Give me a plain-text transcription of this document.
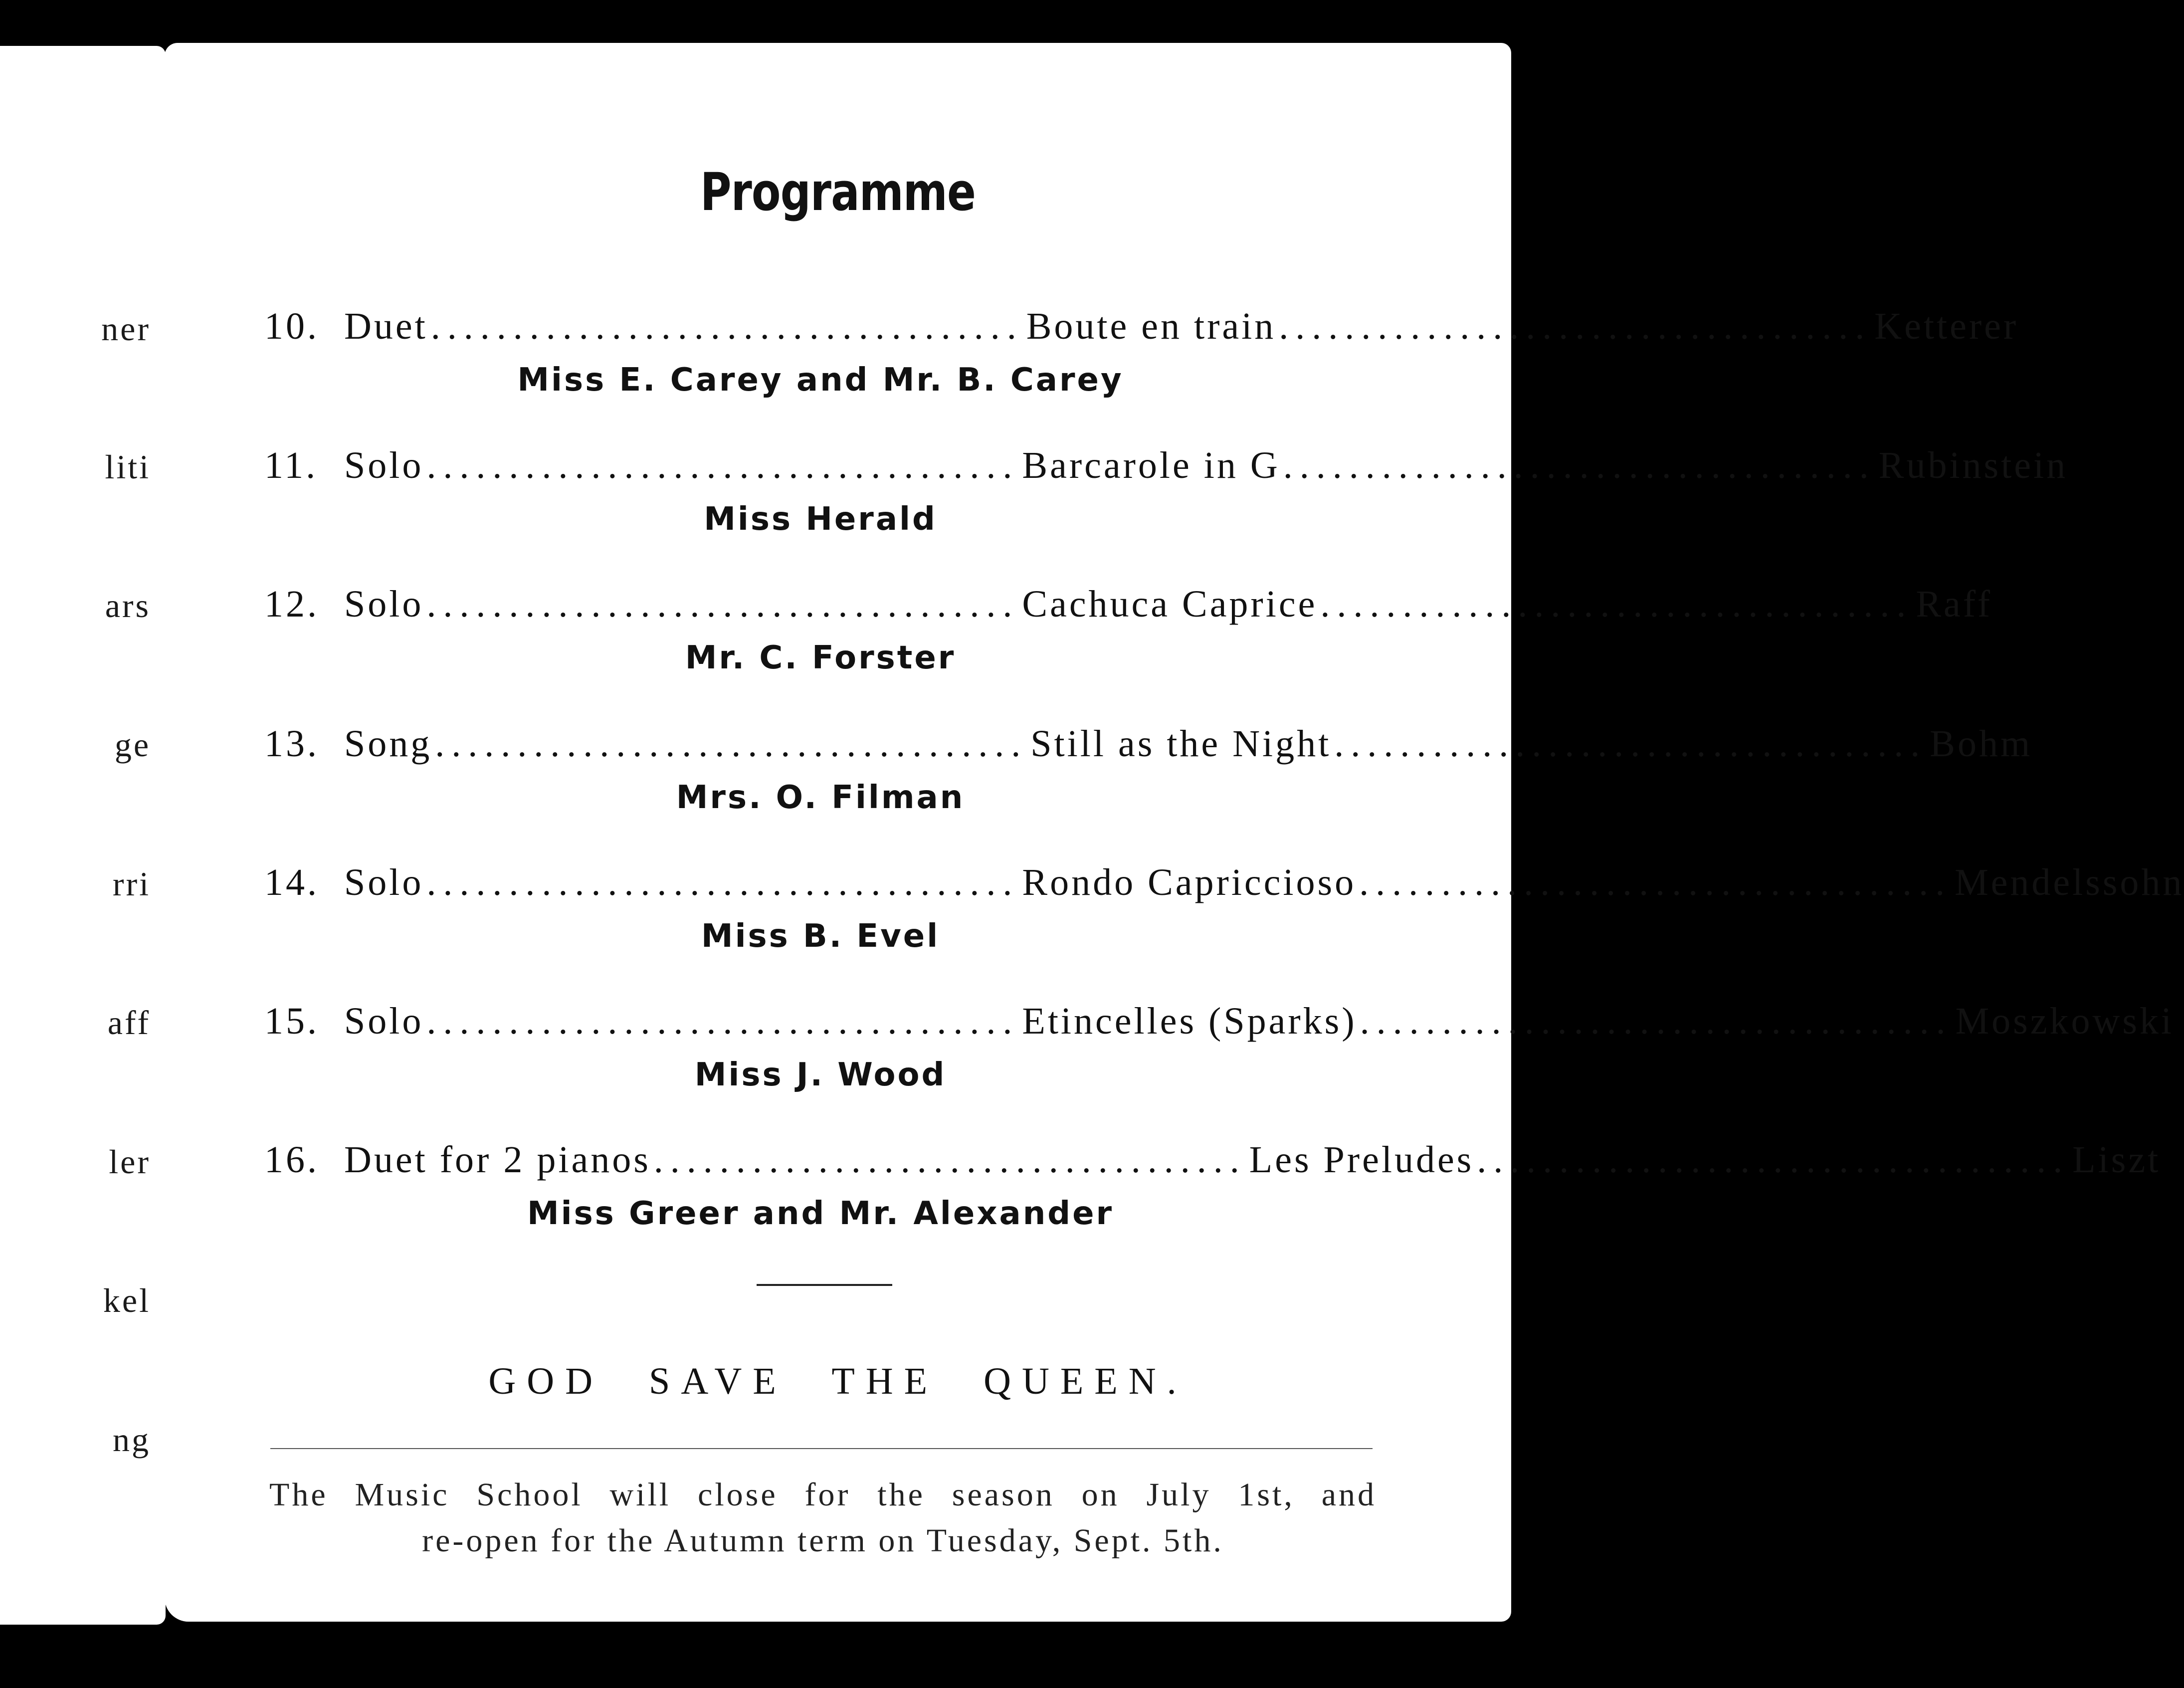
ner
liti
ars
ge
rri
aff
ler
kel
ng
Programme
10. Duet .................................... Boute en train .................................... Ketterer
Miss E. Carey and Mr. B. Carey
11. Solo .................................... Barcarole in G .................................... Rubinstein
Miss Herald
12. Solo .................................... Cachuca Caprice .................................... Raff
Mr. C. Forster
13. Song .................................... Still as the Night .................................... Bohm
Mrs. O. Filman
14. Solo .................................... Rondo Capriccioso .................................... Mendelssohn
Miss B. Evel
15. Solo .................................... Etincelles (Sparks) .................................... Moszkowski
Miss J. Wood
16. Duet for 2 pianos .................................... Les Preludes .................................... Liszt
Miss Greer and Mr. Alexander
GOD SAVE THE QUEEN.
The Music School will close for the season on July 1st, and
re-open for the Autumn term on Tuesday, Sept. 5th.
